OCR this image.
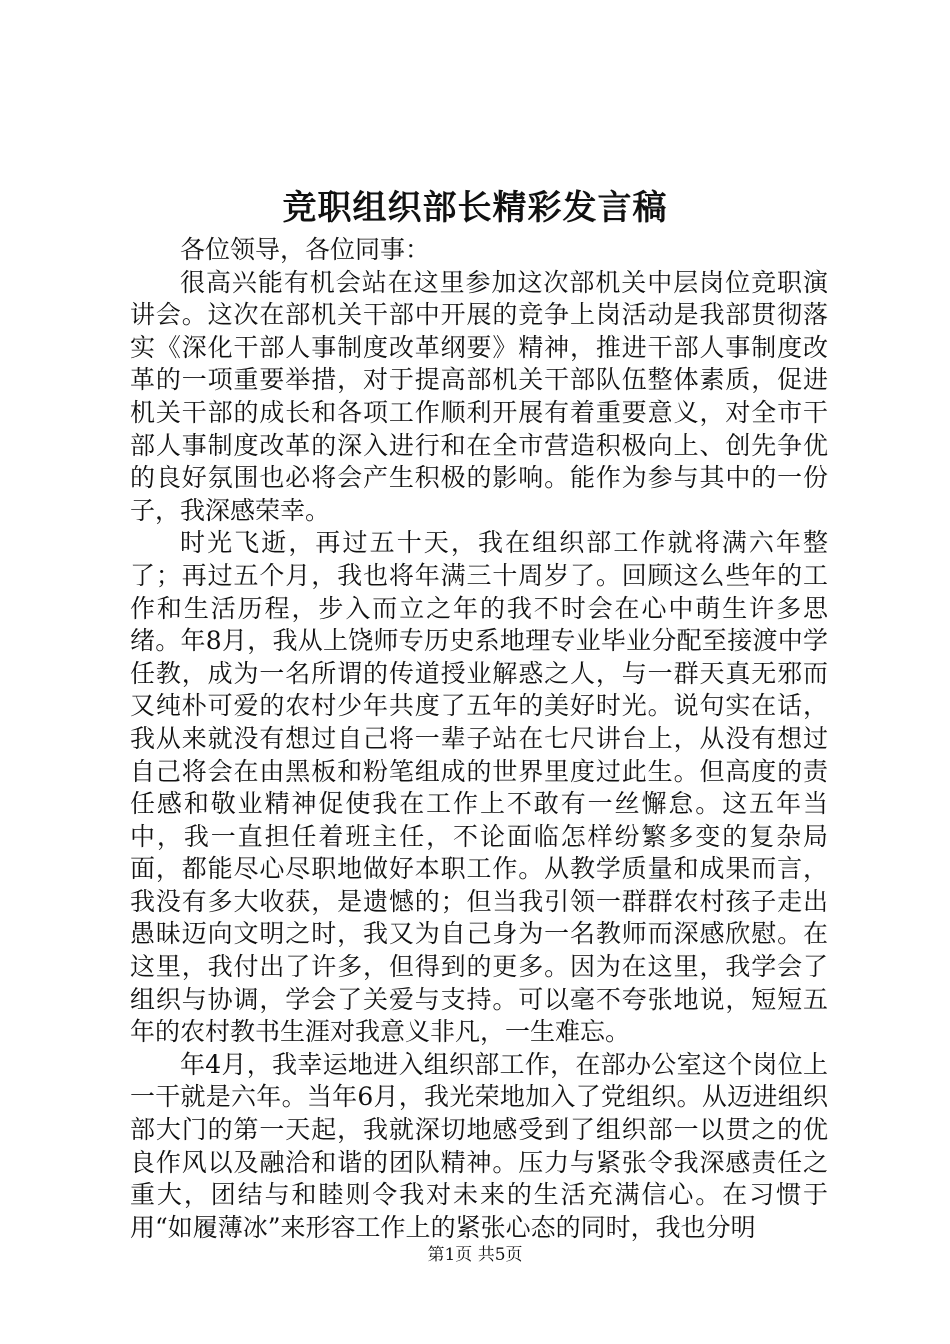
竞职组织部长精彩发言稿

各位领导，各位同事：

很高兴能有机会站在这里参加这次部机关中层岗位竞职演讲会。这次在部机关干部中开展的竞争上岗活动是我部贯彻落实《深化干部人事制度改革纲要》精神，推进干部人事制度改革的一项重要举措，对于提高部机关干部队伍整体素质，促进机关干部的成长和各项工作顺利开展有着重要意义，对全市干部人事制度改革的深入进行和在全市营造积极向上、创先争优的良好氛围也必将会产生积极的影响。能作为参与其中的一份子，我深感荣幸。

时光飞逝，再过五十天，我在组织部工作就将满六年整了；再过五个月，我也将年满三十周岁了。回顾这么些年的工作和生活历程，步入而立之年的我不时会在心中萌生许多思绪。年8月，我从上饶师专历史系地理专业毕业分配至接渡中学任教，成为一名所谓的传道授业解惑之人，与一群天真无邪而又纯朴可爱的农村少年共度了五年的美好时光。说句实在话，我从来就没有想过自己将一辈子站在七尺讲台上，从没有想过自己将会在由黑板和粉笔组成的世界里度过此生。但高度的责任感和敬业精神促使我在工作上不敢有一丝懈怠。这五年当中，我一直担任着班主任，不论面临怎样纷繁多变的复杂局面，都能尽心尽职地做好本职工作。从教学质量和成果而言，我没有多大收获，是遗憾的；但当我引领一群群农村孩子走出愚昧迈向文明之时，我又为自己身为一名教师而深感欣慰。在这里，我付出了许多，但得到的更多。因为在这里，我学会了组织与协调，学会了关爱与支持。可以毫不夸张地说，短短五年的农村教书生涯对我意义非凡，一生难忘。

年4月，我幸运地进入组织部工作，在部办公室这个岗位上一干就是六年。当年6月，我光荣地加入了党组织。从迈进组织部大门的第一天起，我就深切地感受到了组织部一以贯之的优良作风以及融洽和谐的团队精神。压力与紧张令我深感责任之重大，团结与和睦则令我对未来的生活充满信心。在习惯于用“如履薄冰”来形容工作上的紧张心态的同时，我也分明

第1页 共5页
